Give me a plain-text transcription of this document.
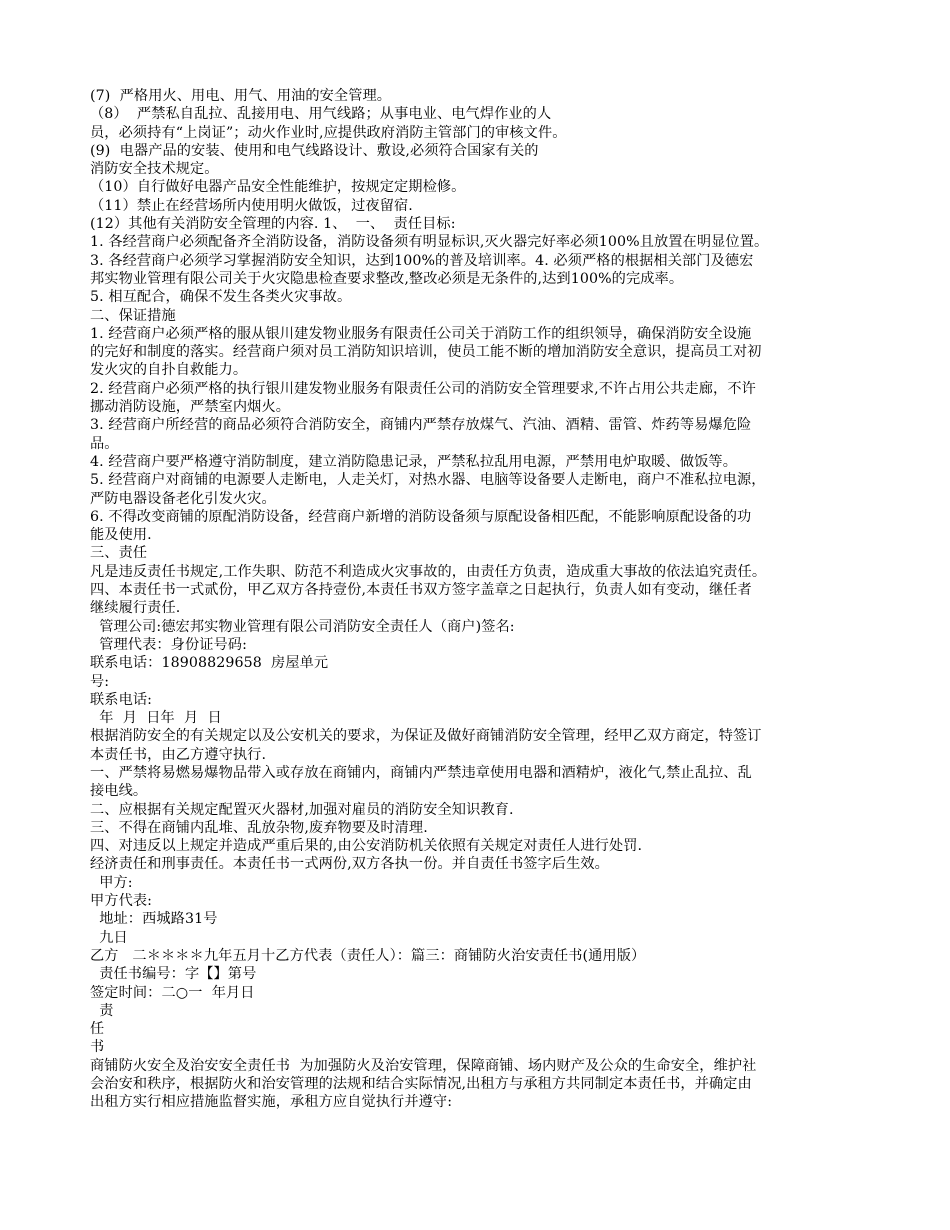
(7)  严格用火、用电、用气、用油的安全管理。
（8）  严禁私自乱拉、乱接用电、用气线路；从事电业、电气焊作业的人
员，必须持有“上岗证”；动火作业时,应提供政府消防主管部门的审核文件。
(9)  电器产品的安装、使用和电气线路设计、敷设,必须符合国家有关的
消防安全技术规定。
（10）自行做好电器产品安全性能维护，按规定定期检修。
（11）禁止在经营场所内使用明火做饭，过夜留宿.
(12）其他有关消防安全管理的内容. 1、  一、  责任目标:
1. 各经营商户必须配备齐全消防设备，消防设备须有明显标识,灭火器完好率必须100%且放置在明显位置。
3. 各经营商户必须学习掌握消防安全知识，达到100%的普及培训率。4. 必须严格的根据相关部门及德宏
邦实物业管理有限公司关于火灾隐患检查要求整改,整改必须是无条件的,达到100%的完成率。
5. 相互配合，确保不发生各类火灾事故。
二、保证措施
1. 经营商户必须严格的服从银川建发物业服务有限责任公司关于消防工作的组织领导，确保消防安全设施
的完好和制度的落实。经营商户须对员工消防知识培训，使员工能不断的增加消防安全意识，提高员工对初
发火灾的自扑自救能力。
2. 经营商户必须严格的执行银川建发物业服务有限责任公司的消防安全管理要求,不许占用公共走廊，不许
挪动消防设施，严禁室内烟火。
3. 经营商户所经营的商品必须符合消防安全，商铺内严禁存放煤气、汽油、酒精、雷管、炸药等易爆危险
品。
4. 经营商户要严格遵守消防制度，建立消防隐患记录，严禁私拉乱用电源，严禁用电炉取暖、做饭等。
5. 经营商户对商铺的电源要人走断电，人走关灯，对热水器、电脑等设备要人走断电，商户不准私拉电源，
严防电器设备老化引发火灾。
6. 不得改变商铺的原配消防设备，经营商户新增的消防设备须与原配设备相匹配，不能影响原配设备的功
能及使用.
三、责任
凡是违反责任书规定,工作失职、防范不利造成火灾事故的，由责任方负责，造成重大事故的依法追究责任。
四、本责任书一式贰份，甲乙双方各持壹份,本责任书双方签字盖章之日起执行，负责人如有变动，继任者
继续履行责任.
管理公司:德宏邦实物业管理有限公司消防安全责任人（商户)签名:
管理代表：身份证号码:
联系电话：18908829658  房屋单元
号:
联系电话:
年  月  日年  月  日
根据消防安全的有关规定以及公安机关的要求，为保证及做好商铺消防安全管理，经甲乙双方商定，特签订
本责任书，由乙方遵守执行.
一、严禁将易燃易爆物品带入或存放在商铺内，商铺内严禁违章使用电器和酒精炉，液化气,禁止乱拉、乱
接电线。
二、应根据有关规定配置灭火器材,加强对雇员的消防安全知识教育.
三、不得在商铺内乱堆、乱放杂物,废弃物要及时清理.
四、对违反以上规定并造成严重后果的,由公安消防机关依照有关规定对责任人进行处罚.
经济责任和刑事责任。本责任书一式两份,双方各执一份。并自责任书签字后生效。
甲方:
甲方代表:
地址：西城路31号
九日
乙方   二＊＊＊＊九年五月十乙方代表（责任人）：篇三：商铺防火治安责任书(通用版）
责任书编号：字【】第号
签定时间：二○一  年月日
责
任
书
商铺防火安全及治安安全责任书  为加强防火及治安管理，保障商铺、场内财产及公众的生命安全，维护社
会治安和秩序，根据防火和治安管理的法规和结合实际情况,出租方与承租方共同制定本责任书，并确定由
出租方实行相应措施监督实施，承租方应自觉执行并遵守:
